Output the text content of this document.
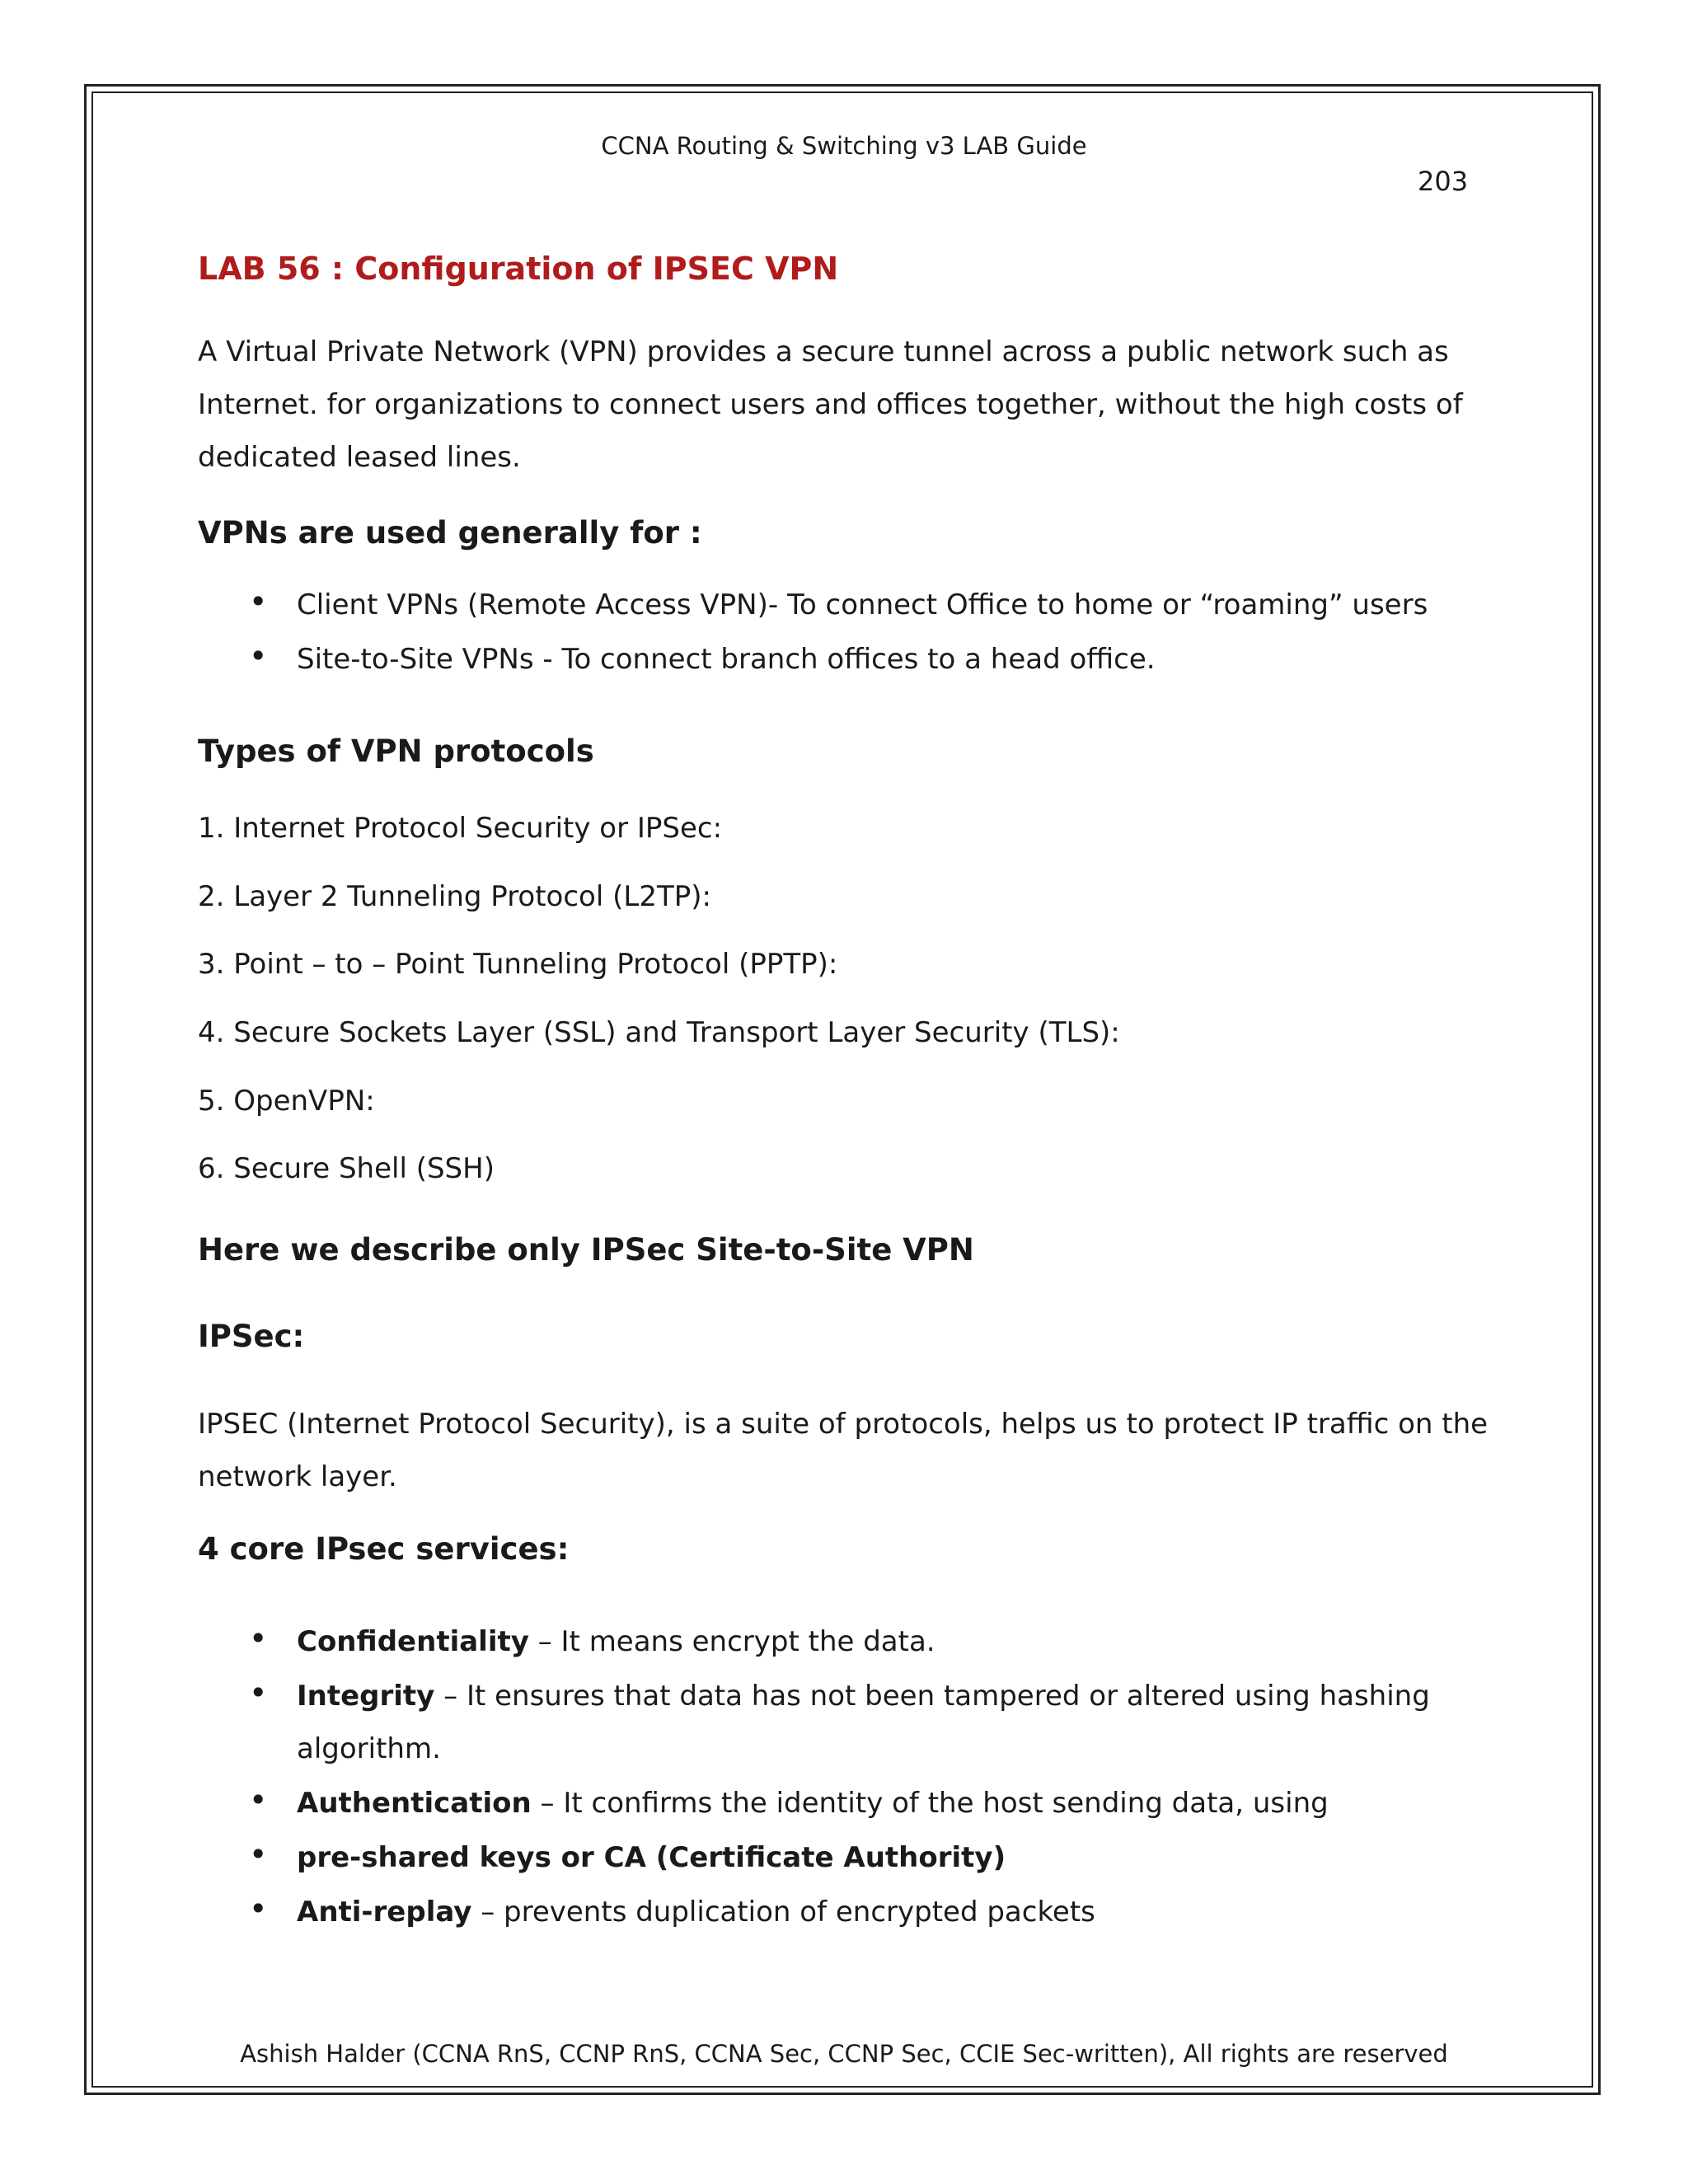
CCNA Routing & Switching v3 LAB Guide

203

LAB 56 : Configuration of IPSEC VPN

A Virtual Private Network (VPN) provides a secure tunnel across a public network such as

Internet. for organizations to connect users and offices together, without the high costs of

dedicated leased lines.

VPNs are used generally for :

• Client VPNs (Remote Access VPN)- To connect Office to home or “roaming” users

• Site-to-Site VPNs - To connect branch offices to a head office.

Types of VPN protocols

1. Internet Protocol Security or IPSec:

2. Layer 2 Tunneling Protocol (L2TP):

3. Point – to – Point Tunneling Protocol (PPTP):

4. Secure Sockets Layer (SSL) and Transport Layer Security (TLS):

5. OpenVPN:

6. Secure Shell (SSH)

Here we describe only IPSec Site-to-Site VPN

IPSec:

IPSEC (Internet Protocol Security), is a suite of protocols, helps us to protect IP traffic on the

network layer.

4 core IPsec services:

• Confidentiality – It means encrypt the data.

• Integrity – It ensures that data has not been tampered or altered using hashing

algorithm.

• Authentication – It confirms the identity of the host sending data, using

• pre-shared keys or CA (Certificate Authority)

• Anti-replay – prevents duplication of encrypted packets

Ashish Halder (CCNA RnS, CCNP RnS, CCNA Sec, CCNP Sec, CCIE Sec-written), All rights are reserved
